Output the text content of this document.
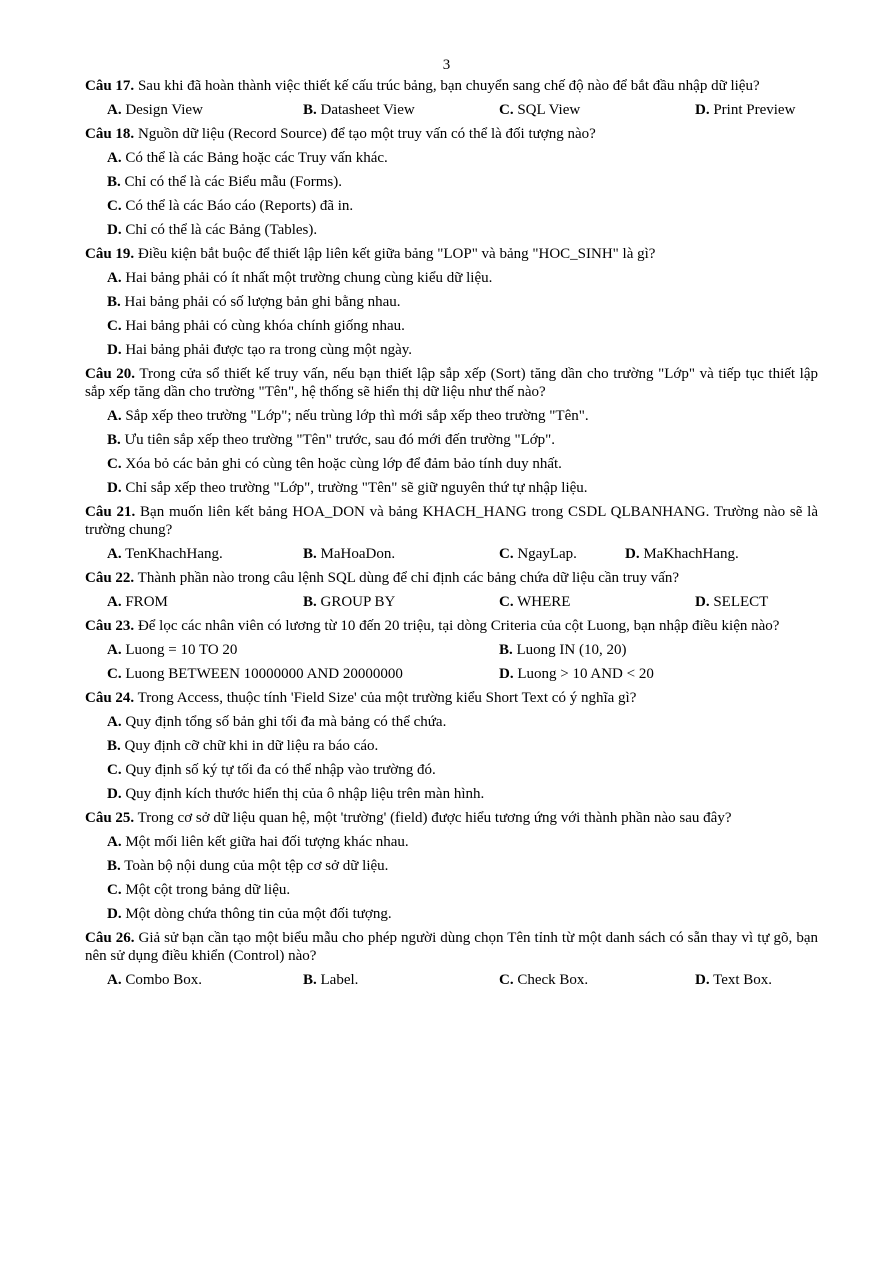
3

Câu 17. Sau khi đã hoàn thành việc thiết kế cấu trúc bảng, bạn chuyển sang chế độ nào để bắt đầu nhập dữ liệu?

A. Design View	B. Datasheet View	C. SQL View	D. Print Preview

Câu 18. Nguồn dữ liệu (Record Source) để tạo một truy vấn có thể là đối tượng nào?

A. Có thể là các Bảng hoặc các Truy vấn khác.
B. Chỉ có thể là các Biểu mẫu (Forms).
C. Có thể là các Báo cáo (Reports) đã in.
D. Chỉ có thể là các Bảng (Tables).

Câu 19. Điều kiện bắt buộc để thiết lập liên kết giữa bảng "LOP" và bảng "HOC_SINH" là gì?

A. Hai bảng phải có ít nhất một trường chung cùng kiểu dữ liệu.
B. Hai bảng phải có số lượng bản ghi bằng nhau.
C. Hai bảng phải có cùng khóa chính giống nhau.
D. Hai bảng phải được tạo ra trong cùng một ngày.

Câu 20. Trong cửa sổ thiết kế truy vấn, nếu bạn thiết lập sắp xếp (Sort) tăng dần cho trường "Lớp" và tiếp tục thiết lập sắp xếp tăng dần cho trường "Tên", hệ thống sẽ hiển thị dữ liệu như thế nào?

A. Sắp xếp theo trường "Lớp"; nếu trùng lớp thì mới sắp xếp theo trường "Tên".
B. Ưu tiên sắp xếp theo trường "Tên" trước, sau đó mới đến trường "Lớp".
C. Xóa bỏ các bản ghi có cùng tên hoặc cùng lớp để đảm bảo tính duy nhất.
D. Chỉ sắp xếp theo trường "Lớp", trường "Tên" sẽ giữ nguyên thứ tự nhập liệu.

Câu 21. Bạn muốn liên kết bảng HOA_DON và bảng KHACH_HANG trong CSDL QLBANHANG. Trường nào sẽ là trường chung?

A. TenKhachHang.	B. MaHoaDon.	C. NgayLap.	D. MaKhachHang.

Câu 22. Thành phần nào trong câu lệnh SQL dùng để chỉ định các bảng chứa dữ liệu cần truy vấn?

A. FROM	B. GROUP BY	C. WHERE	D. SELECT

Câu 23. Để lọc các nhân viên có lương từ 10 đến 20 triệu, tại dòng Criteria của cột Luong, bạn nhập điều kiện nào?

A. Luong = 10 TO 20	B. Luong IN (10, 20)
C. Luong BETWEEN 10000000 AND 20000000	D. Luong > 10 AND < 20

Câu 24. Trong Access, thuộc tính 'Field Size' của một trường kiểu Short Text có ý nghĩa gì?

A. Quy định tổng số bản ghi tối đa mà bảng có thể chứa.
B. Quy định cỡ chữ khi in dữ liệu ra báo cáo.
C. Quy định số ký tự tối đa có thể nhập vào trường đó.
D. Quy định kích thước hiển thị của ô nhập liệu trên màn hình.

Câu 25. Trong cơ sở dữ liệu quan hệ, một 'trường' (field) được hiểu tương ứng với thành phần nào sau đây?

A. Một mối liên kết giữa hai đối tượng khác nhau.
B. Toàn bộ nội dung của một tệp cơ sở dữ liệu.
C. Một cột trong bảng dữ liệu.
D. Một dòng chứa thông tin của một đối tượng.

Câu 26. Giả sử bạn cần tạo một biểu mẫu cho phép người dùng chọn Tên tỉnh từ một danh sách có sẵn thay vì tự gõ, bạn nên sử dụng điều khiển (Control) nào?

A. Combo Box.	B. Label.	C. Check Box.	D. Text Box.
